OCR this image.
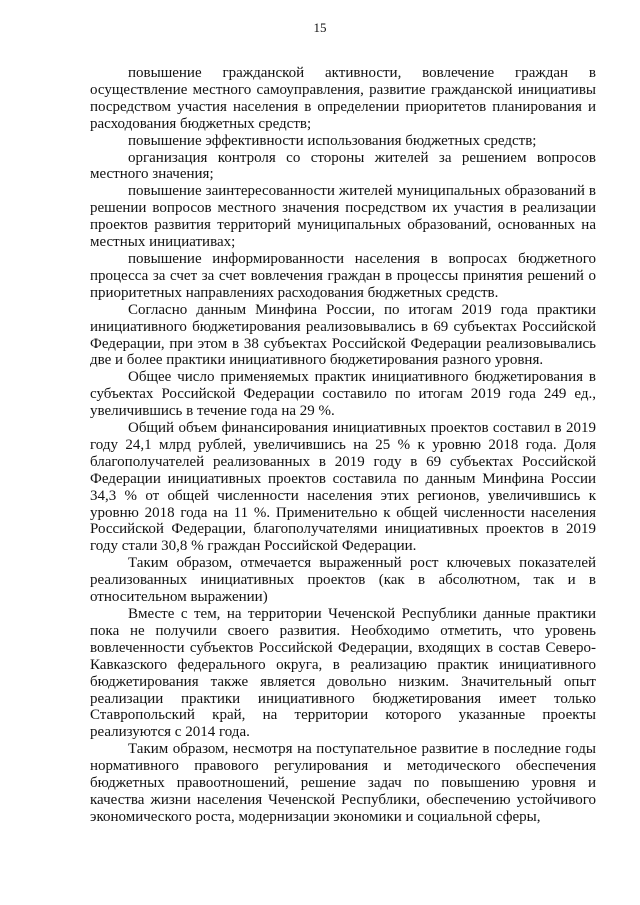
15

повышение гражданской активности, вовлечение граждан в осуществление местного самоуправления, развитие гражданской инициативы посредством участия населения в определении приоритетов планирования и расходования бюджетных средств;

повышение эффективности использования бюджетных средств;

организация контроля со стороны жителей за решением вопросов местного значения;

повышение заинтересованности жителей муниципальных образований в решении вопросов местного значения посредством их участия в реализации проектов развития территорий муниципальных образований, основанных на местных инициативах;

повышение информированности населения в вопросах бюджетного процесса за счет за счет вовлечения граждан в процессы принятия решений о приоритетных направлениях расходования бюджетных средств.

Согласно данным Минфина России, по итогам 2019 года практики инициативного бюджетирования реализовывались в 69 субъектах Российской Федерации, при этом в 38 субъектах Российской Федерации реализовывались две и более практики инициативного бюджетирования разного уровня.

Общее число применяемых практик инициативного бюджетирования в субъектах Российской Федерации составило по итогам 2019 года 249 ед., увеличившись в течение года на 29 %.

Общий объем финансирования инициативных проектов составил в 2019 году 24,1 млрд рублей, увеличившись на 25 % к уровню 2018 года. Доля благополучателей реализованных в 2019 году в 69 субъектах Российской Федерации инициативных проектов составила по данным Минфина России 34,3 % от общей численности населения этих регионов, увеличившись к уровню 2018 года на 11 %. Применительно к общей численности населения Российской Федерации, благополучателями инициативных проектов в 2019 году стали 30,8 % граждан Российской Федерации.

Таким образом, отмечается выраженный рост ключевых показателей реализованных инициативных проектов (как в абсолютном, так и в относительном выражении)

Вместе с тем, на территории Чеченской Республики данные практики пока не получили своего развития. Необходимо отметить, что уровень вовлеченности субъектов Российской Федерации, входящих в состав Северо-Кавказского федерального округа, в реализацию практик инициативного бюджетирования также является довольно низким. Значительный опыт реализации практики инициативного бюджетирования имеет только Ставропольский край, на территории которого указанные проекты реализуются с 2014 года.

Таким образом, несмотря на поступательное развитие в последние годы нормативного правового регулирования и методического обеспечения бюджетных правоотношений, решение задач по повышению уровня и качества жизни населения Чеченской Республики, обеспечению устойчивого экономического роста, модернизации экономики и социальной сферы,
